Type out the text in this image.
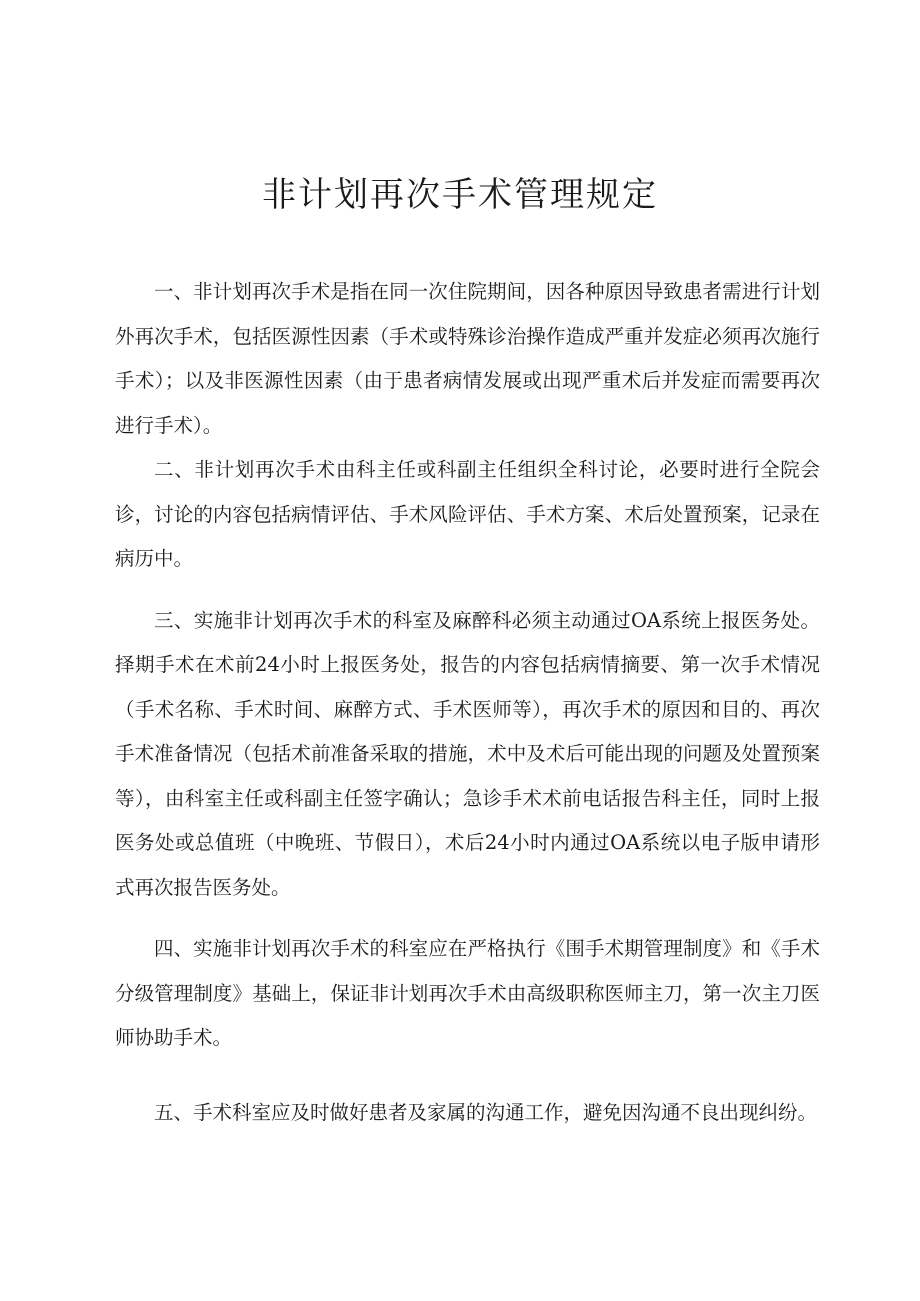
非计划再次手术管理规定

一、非计划再次手术是指在同一次住院期间，因各种原因导致患者需进行计划外再次手术，包括医源性因素（手术或特殊诊治操作造成严重并发症必须再次施行手术）；以及非医源性因素（由于患者病情发展或出现严重术后并发症而需要再次进行手术）。

二、非计划再次手术由科主任或科副主任组织全科讨论，必要时进行全院会诊，讨论的内容包括病情评估、手术风险评估、手术方案、术后处置预案，记录在病历中。

三、实施非计划再次手术的科室及麻醉科必须主动通过OA系统上报医务处。择期手术在术前24小时上报医务处，报告的内容包括病情摘要、第一次手术情况（手术名称、手术时间、麻醉方式、手术医师等），再次手术的原因和目的、再次手术准备情况（包括术前准备采取的措施，术中及术后可能出现的问题及处置预案等），由科室主任或科副主任签字确认；急诊手术术前电话报告科主任，同时上报医务处或总值班（中晚班、节假日），术后24小时内通过OA系统以电子版申请形式再次报告医务处。

四、实施非计划再次手术的科室应在严格执行《围手术期管理制度》和《手术分级管理制度》基础上，保证非计划再次手术由高级职称医师主刀，第一次主刀医师协助手术。

五、手术科室应及时做好患者及家属的沟通工作，避免因沟通不良出现纠纷。
